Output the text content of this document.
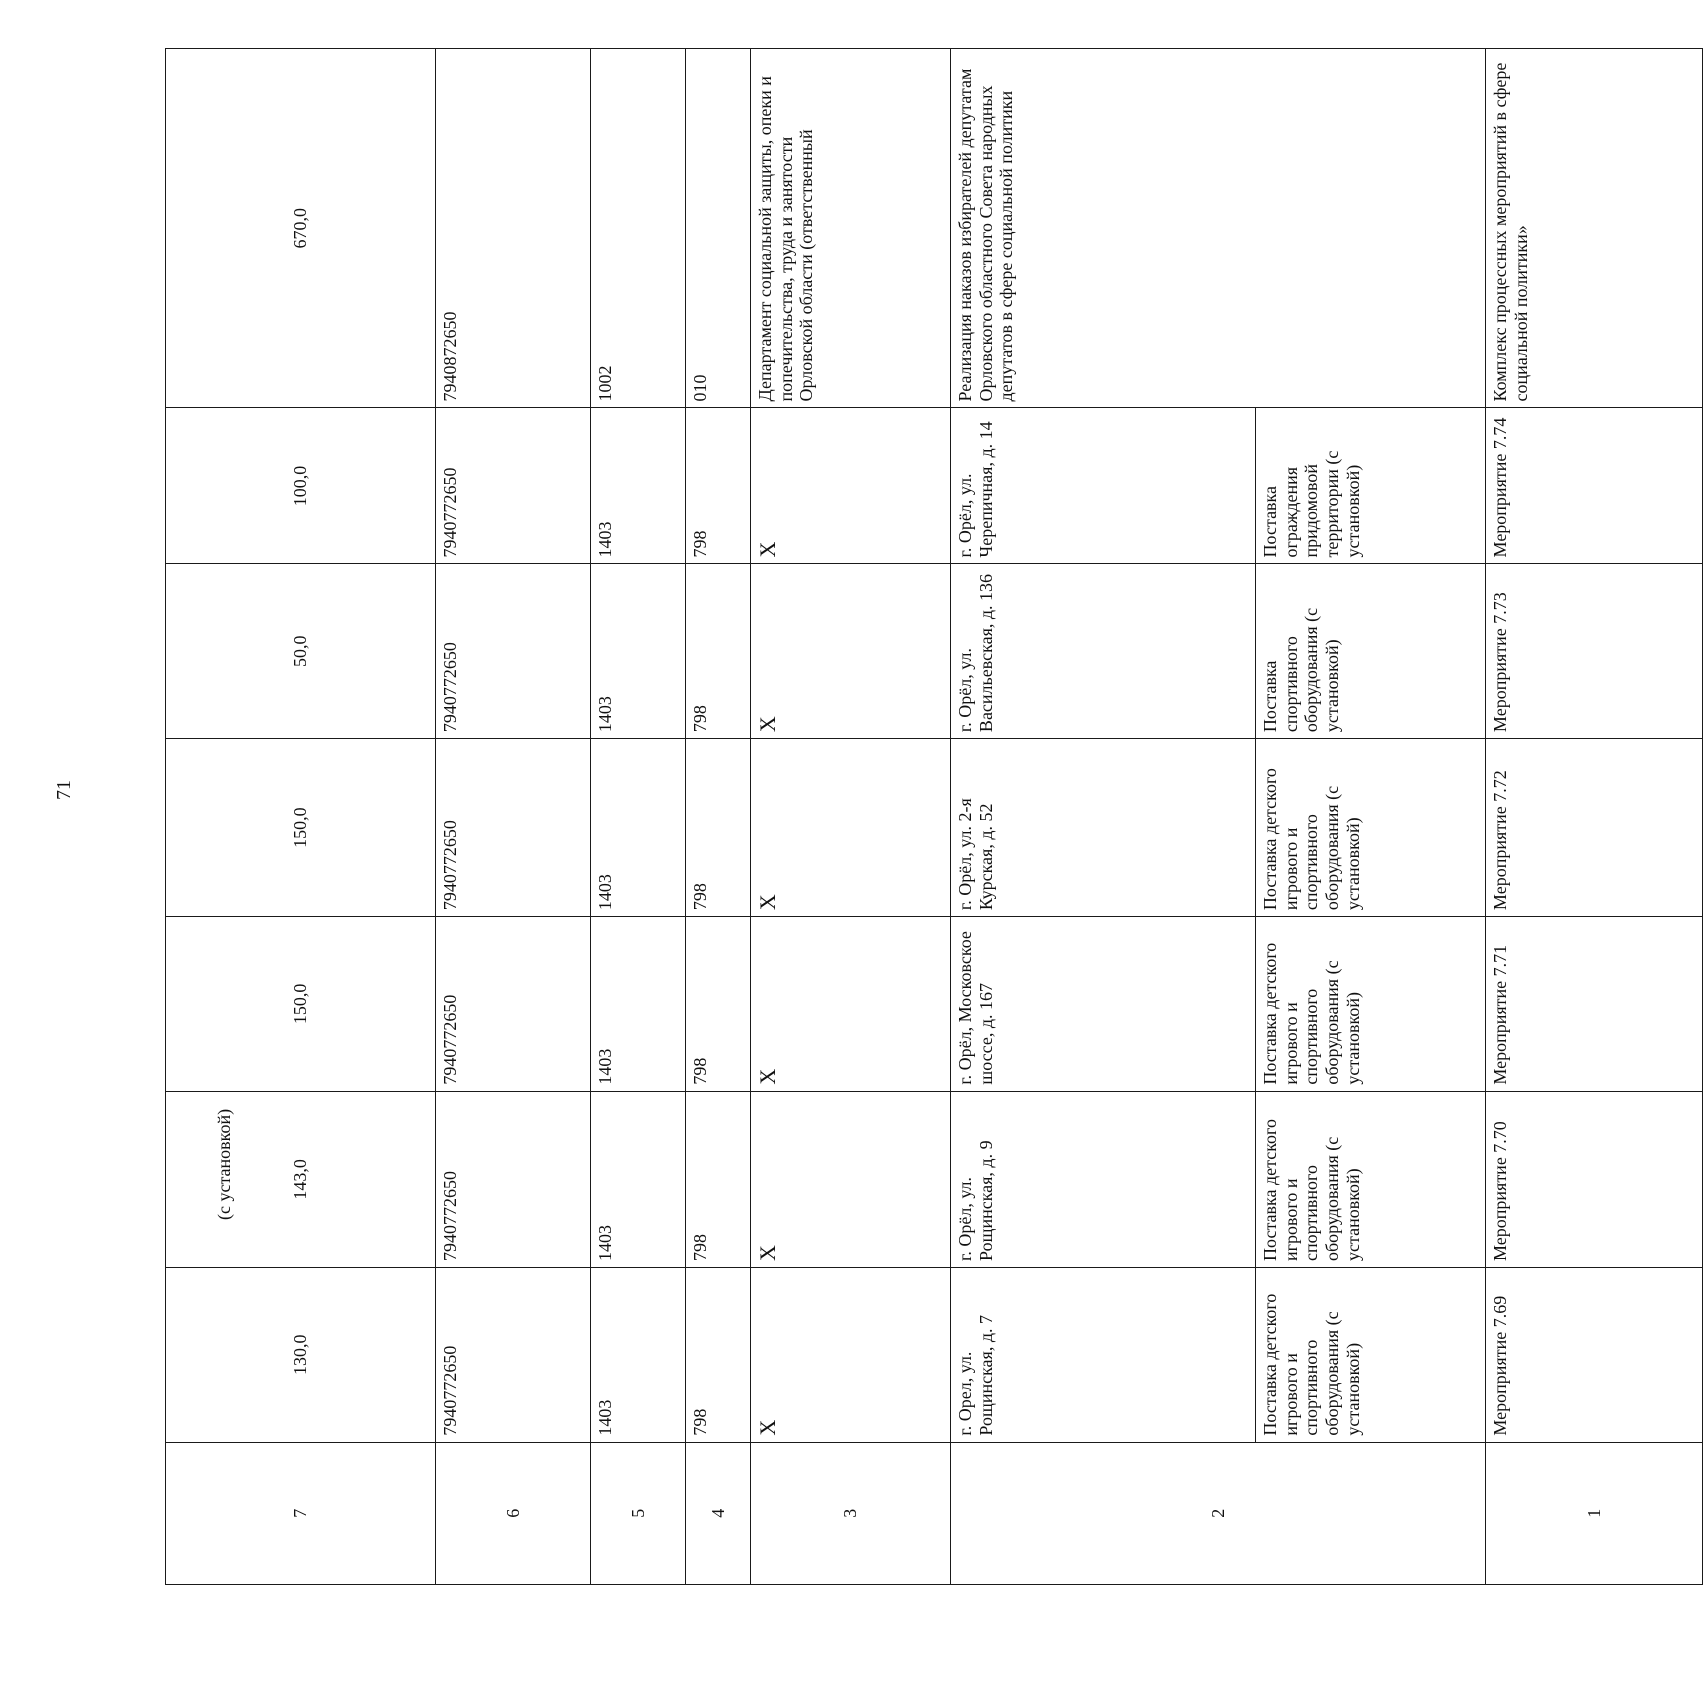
71
7	130,0	143,0	150,0	150,0	50,0	100,0	670,0
6	7940772650	7940772650	7940772650	7940772650	7940772650	7940772650	7940872650
5	1403	1403	1403	1403	1403	1403	1002
4	798	798	798	798	798	798	010
3	Х	Х	Х	Х	Х	Х	Департамент социальной защиты, опеки и попечительства, труда и занятости Орловской области (ответственный
2	г. Орел, ул. Рощинская, д. 7	г. Орёл, ул. Рощинская, д. 9	г. Орёл, Московское шоссе, д. 167	г. Орёл, ул. 2-я Курская, д. 52	г. Орёл, ул. Васильевская, д. 136	г. Орёл, ул. Черепичная, д. 14	Реализация наказов избирателей депутатам Орловского областного Совета народных депутатов в сфере социальной политики
	Поставка детского игрового и спортивного оборудования (с установкой)	Поставка детского игрового и спортивного оборудования (с установкой)	Поставка детского игрового и спортивного оборудования (с установкой)	Поставка детского игрового и спортивного оборудования (с установкой)	Поставка спортивного оборудования (с установкой)	Поставка ограждения придомовой территории (с установкой)	
1	Мероприятие 7.69	Мероприятие 7.70	Мероприятие 7.71	Мероприятие 7.72	Мероприятие 7.73	Мероприятие 7.74	Комплекс процессных мероприятий в сфере социальной политики»
(с установкой)
